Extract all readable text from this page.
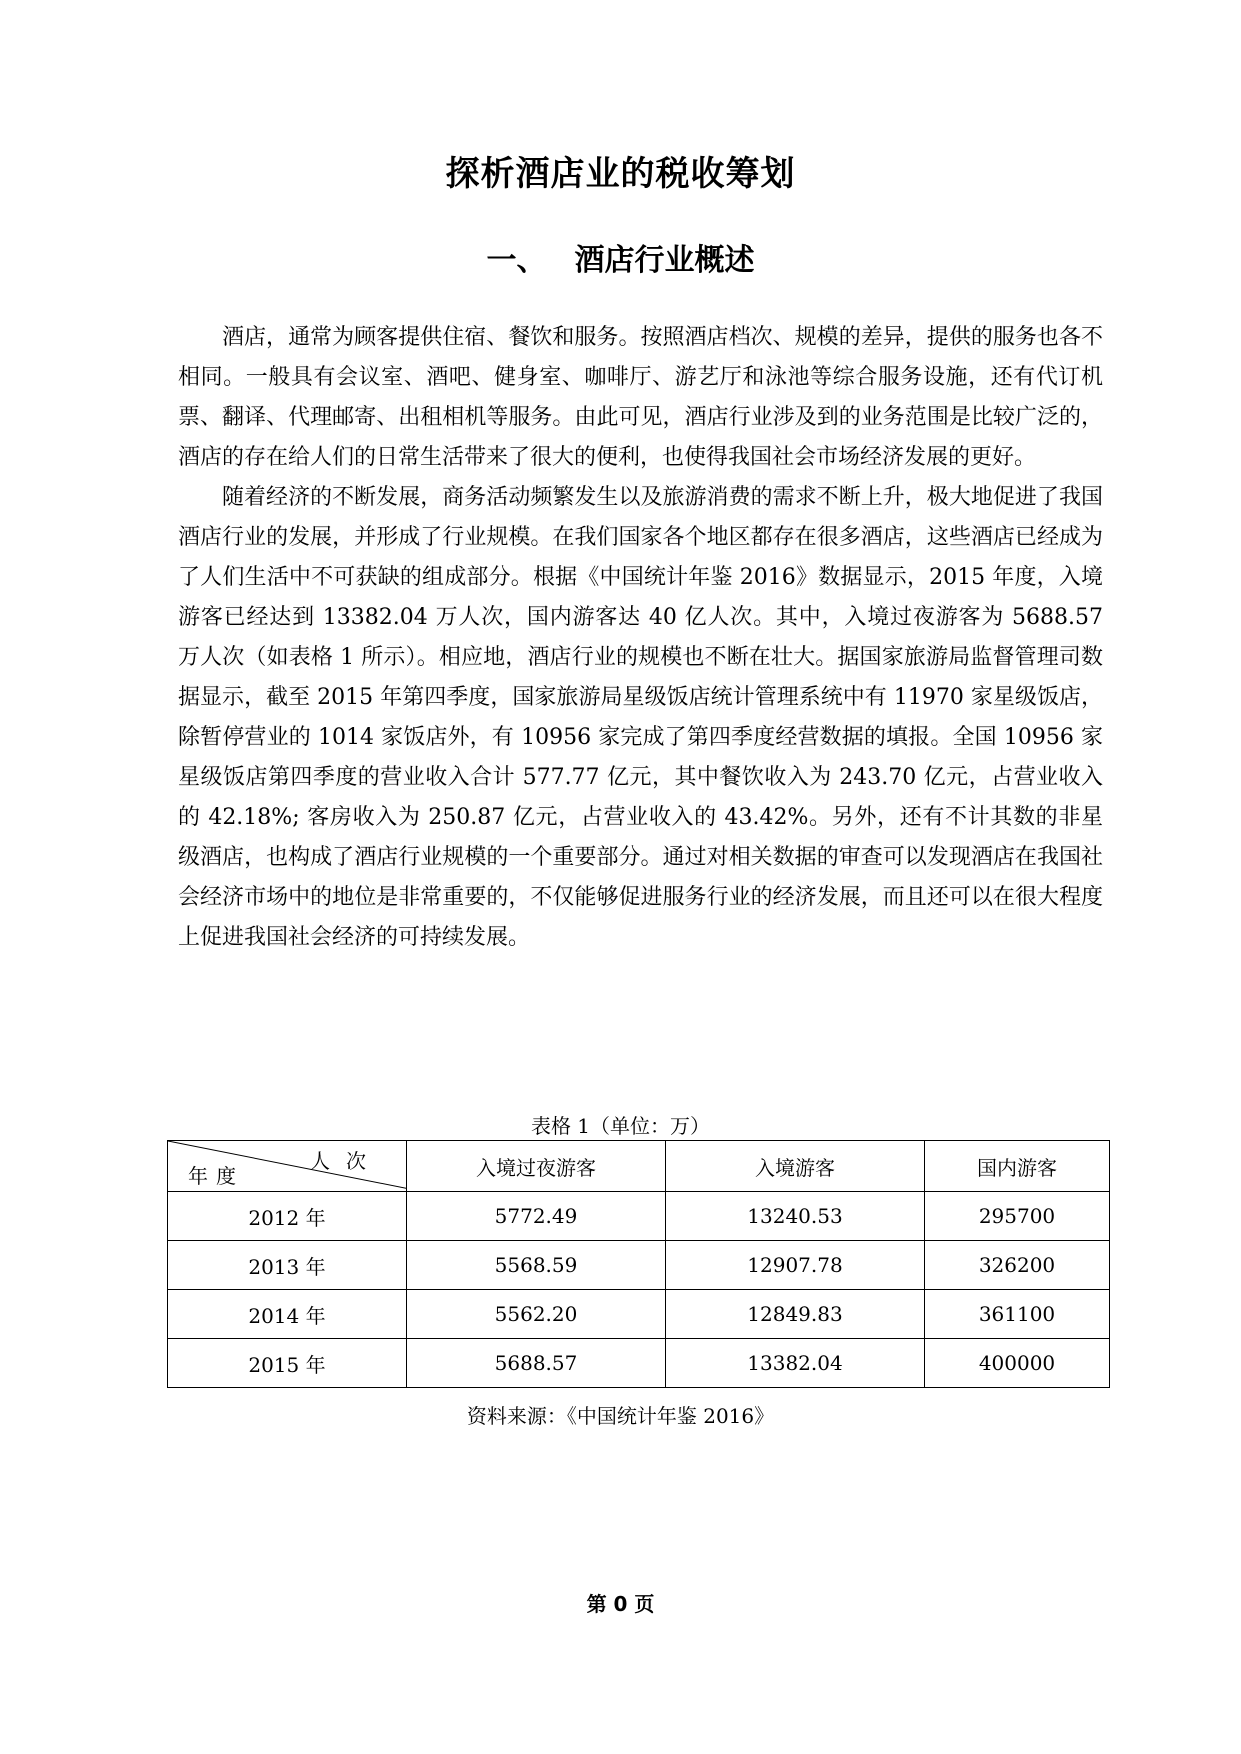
探析酒店业的税收筹划
一、 酒店行业概述

酒店，通常为顾客提供住宿、餐饮和服务。按照酒店档次、规模的差异，提供的服务也各不相同。一般具有会议室、酒吧、健身室、咖啡厅、游艺厅和泳池等综合服务设施，还有代订机票、翻译、代理邮寄、出租相机等服务。由此可见，酒店行业涉及到的业务范围是比较广泛的，酒店的存在给人们的日常生活带来了很大的便利，也使得我国社会市场经济发展的更好。

随着经济的不断发展，商务活动频繁发生以及旅游消费的需求不断上升，极大地促进了我国酒店行业的发展，并形成了行业规模。在我们国家各个地区都存在很多酒店，这些酒店已经成为了人们生活中不可获缺的组成部分。根据《中国统计年鉴 2016》数据显示，2015 年度，入境游客已经达到 13382.04 万人次，国内游客达 40 亿人次。其中，入境过夜游客为 5688.57 万人次（如表格 1 所示）。相应地，酒店行业的规模也不断在壮大。据国家旅游局监督管理司数据显示，截至 2015 年第四季度，国家旅游局星级饭店统计管理系统中有 11970 家星级饭店，除暂停营业的 1014 家饭店外，有 10956 家完成了第四季度经营数据的填报。全国 10956 家星级饭店第四季度的营业收入合计 577.77 亿元，其中餐饮收入为 243.70 亿元，占营业收入的 42.18%; 客房收入为 250.87 亿元，占营业收入的 43.42%。另外，还有不计其数的非星级酒店，也构成了酒店行业规模的一个重要部分。通过对相关数据的审查可以发现酒店在我国社会经济市场中的地位是非常重要的，不仅能够促进服务行业的经济发展，而且还可以在很大程度上促进我国社会经济的可持续发展。

表格 1（单位：万）
人次
年度	入境过夜游客	入境游客	国内游客
2012 年	5772.49	13240.53	295700
2013 年	5568.59	12907.78	326200
2014 年	5562.20	12849.83	361100
2015 年	5688.57	13382.04	400000
资料来源：《中国统计年鉴 2016》
第 0 页
